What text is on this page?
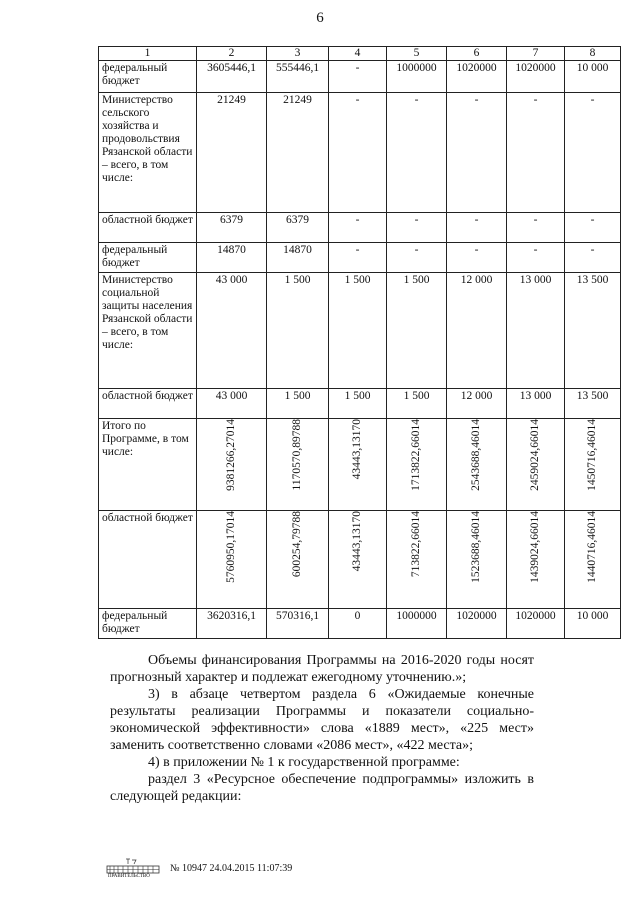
6
1	2	3	4	5	6	7	8
федеральный бюджет	3605446,1	555446,1	-	1000000	1020000	1020000	10 000
Министерство сельского хозяйства и продовольствия Рязанской области – всего, в том числе:	21249	21249	-	-	-	-	-
областной бюджет	6379	6379	-	-	-	-	-
федеральный бюджет	14870	14870	-	-	-	-	-
Министерство социальной защиты населения Рязанской области – всего, в том числе:	43 000	1 500	1 500	1 500	12 000	13 000	13 500
областной бюджет	43 000	1 500	1 500	1 500	12 000	13 000	13 500
Итого по Программе, в том числе:	9381266,27014	1170570,89788	43443,13170	1713822,66014	2543688,46014	2459024,66014	1450716,46014
областной бюджет	5760950,17014	600254,79788	43443,13170	713822,66014	1523688,46014	1439024,66014	1440716,46014
федеральный бюджет	3620316,1	570316,1	0	1000000	1020000	1020000	10 000

Объемы финансирования Программы на 2016-2020 годы носят прогнозный характер и подлежат ежегодному уточнению.»;

3) в абзаце четвертом раздела 6 «Ожидаемые конечные результаты реализации Программы и показатели социально-экономической эффективности» слова «1889 мест», «225 мест» заменить соответственно словами «2086 мест», «422 места»;

4) в приложении № 1 к государственной программе:

раздел 3 «Ресурсное обеспечение подпрограммы» изложить в следующей редакции:

ПРАВИТЕЛЬСТВО
№ 10947 24.04.2015 11:07:39
